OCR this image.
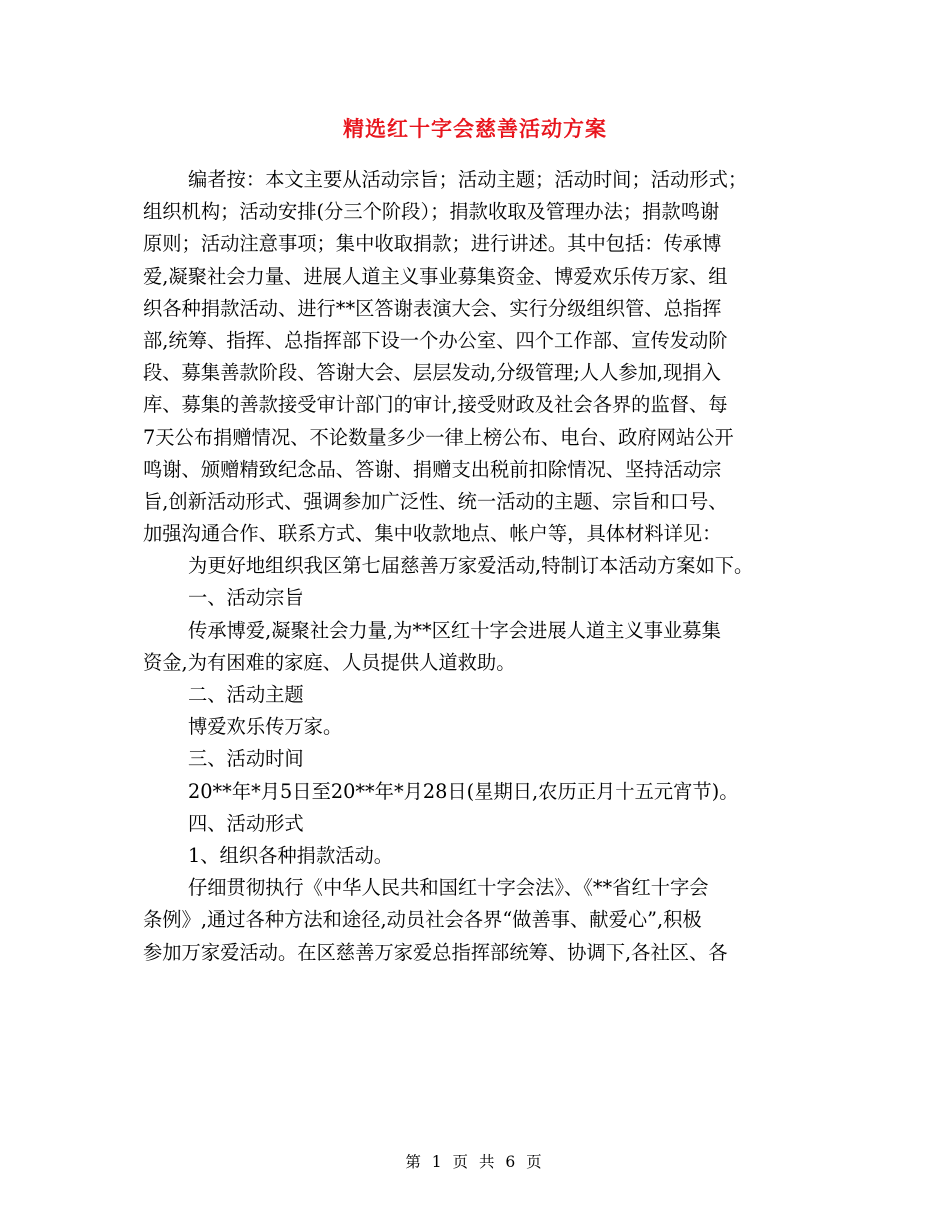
精选红十字会慈善活动方案
编者按：本文主要从活动宗旨；活动主题；活动时间；活动形式；
组织机构；活动安排(分三个阶段）；捐款收取及管理办法；捐款鸣谢
原则；活动注意事项；集中收取捐款；进行讲述。其中包括：传承博
爱,凝聚社会力量、进展人道主义事业募集资金、博爱欢乐传万家、组
织各种捐款活动、进行**区答谢表演大会、实行分级组织管、总指挥
部,统筹、指挥、总指挥部下设一个办公室、四个工作部、宣传发动阶
段、募集善款阶段、答谢大会、层层发动,分级管理;人人参加,现捐入
库、募集的善款接受审计部门的审计,接受财政及社会各界的监督、每
7天公布捐赠情况、不论数量多少一律上榜公布、电台、政府网站公开
鸣谢、颁赠精致纪念品、答谢、捐赠支出税前扣除情况、坚持活动宗
旨,创新活动形式、强调参加广泛性、统一活动的主题、宗旨和口号、
加强沟通合作、联系方式、集中收款地点、帐户等，具体材料详见：
为更好地组织我区第七届慈善万家爱活动,特制订本活动方案如下。
一、活动宗旨
传承博爱,凝聚社会力量,为**区红十字会进展人道主义事业募集
资金,为有困难的家庭、人员提供人道救助。
二、活动主题
博爱欢乐传万家。
三、活动时间
20**年*月5日至20**年*月28日(星期日,农历正月十五元宵节)。
四、活动形式
1、组织各种捐款活动。
仔细贯彻执行《中华人民共和国红十字会法》、《**省红十字会
条例》,通过各种方法和途径,动员社会各界“做善事、献爱心”,积极
参加万家爱活动。在区慈善万家爱总指挥部统筹、协调下,各社区、各
第 1 页 共 6 页
